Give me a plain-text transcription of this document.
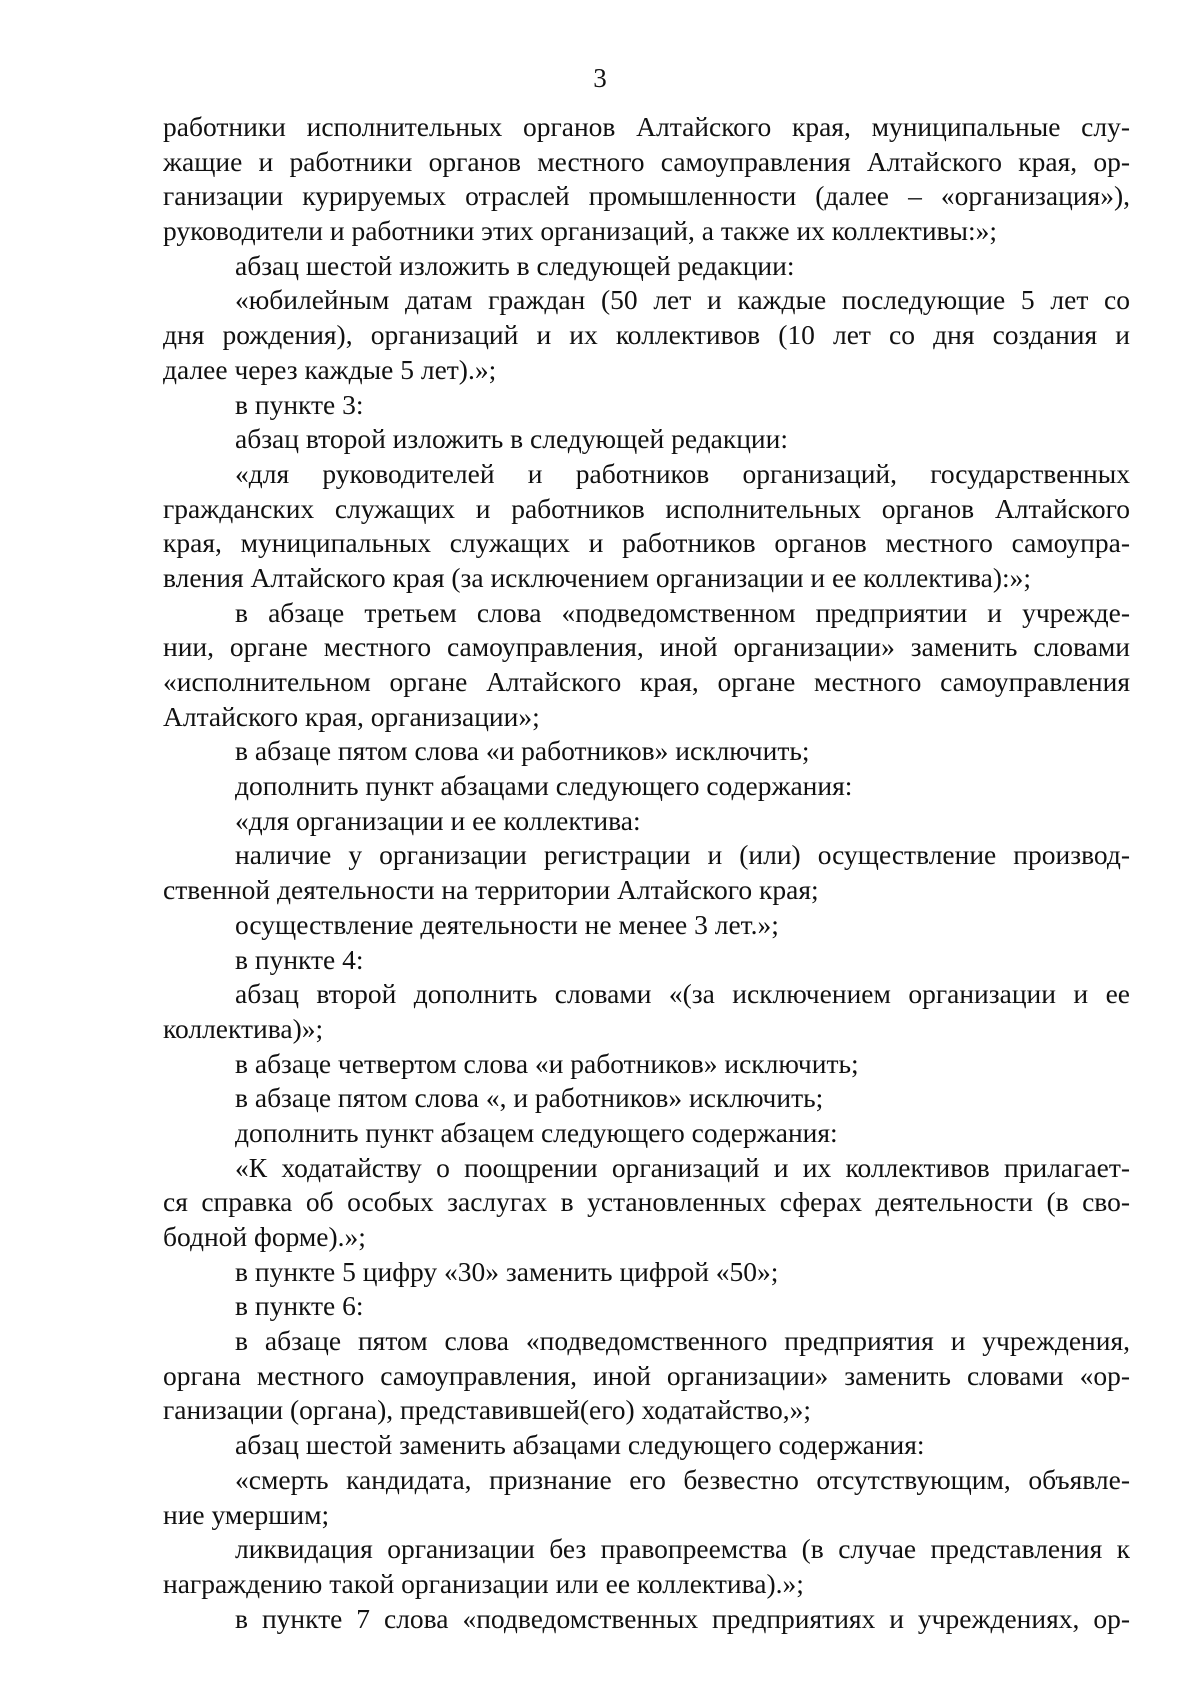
3
работники исполнительных органов Алтайского края, муниципальные слу-
жащие и работники органов местного самоуправления Алтайского края, ор-
ганизации курируемых отраслей промышленности (далее – «организация»),
руководители и работники этих организаций, а также их коллективы:»;
абзац шестой изложить в следующей редакции:
«юбилейным датам граждан (50 лет и каждые последующие 5 лет со
дня рождения), организаций и их коллективов (10 лет со дня создания и
далее через каждые 5 лет).»;
в пункте 3:
абзац второй изложить в следующей редакции:
«для руководителей и работников организаций, государственных
гражданских служащих и работников исполнительных органов Алтайского
края, муниципальных служащих и работников органов местного самоупра-
вления Алтайского края (за исключением организации и ее коллектива):»;
в абзаце третьем слова «подведомственном предприятии и учрежде-
нии, органе местного самоуправления, иной организации» заменить словами
«исполнительном органе Алтайского края, органе местного самоуправления
Алтайского края, организации»;
в абзаце пятом слова «и работников» исключить;
дополнить пункт абзацами следующего содержания:
«для организации и ее коллектива:
наличие у организации регистрации и (или) осуществление производ-
ственной деятельности на территории Алтайского края;
осуществление деятельности не менее 3 лет.»;
в пункте 4:
абзац второй дополнить словами «(за исключением организации и ее
коллектива)»;
в абзаце четвертом слова «и работников» исключить;
в абзаце пятом слова «, и работников» исключить;
дополнить пункт абзацем следующего содержания:
«К ходатайству о поощрении организаций и их коллективов прилагает-
ся справка об особых заслугах в установленных сферах деятельности (в сво-
бодной форме).»;
в пункте 5 цифру «30» заменить цифрой «50»;
в пункте 6:
в абзаце пятом слова «подведомственного предприятия и учреждения,
органа местного самоуправления, иной организации» заменить словами «ор-
ганизации (органа), представившей(его) ходатайство,»;
абзац шестой заменить абзацами следующего содержания:
«смерть кандидата, признание его безвестно отсутствующим, объявле-
ние умершим;
ликвидация организации без правопреемства (в случае представления к
награждению такой организации или ее коллектива).»;
в пункте 7 слова «подведомственных предприятиях и учреждениях, ор-
